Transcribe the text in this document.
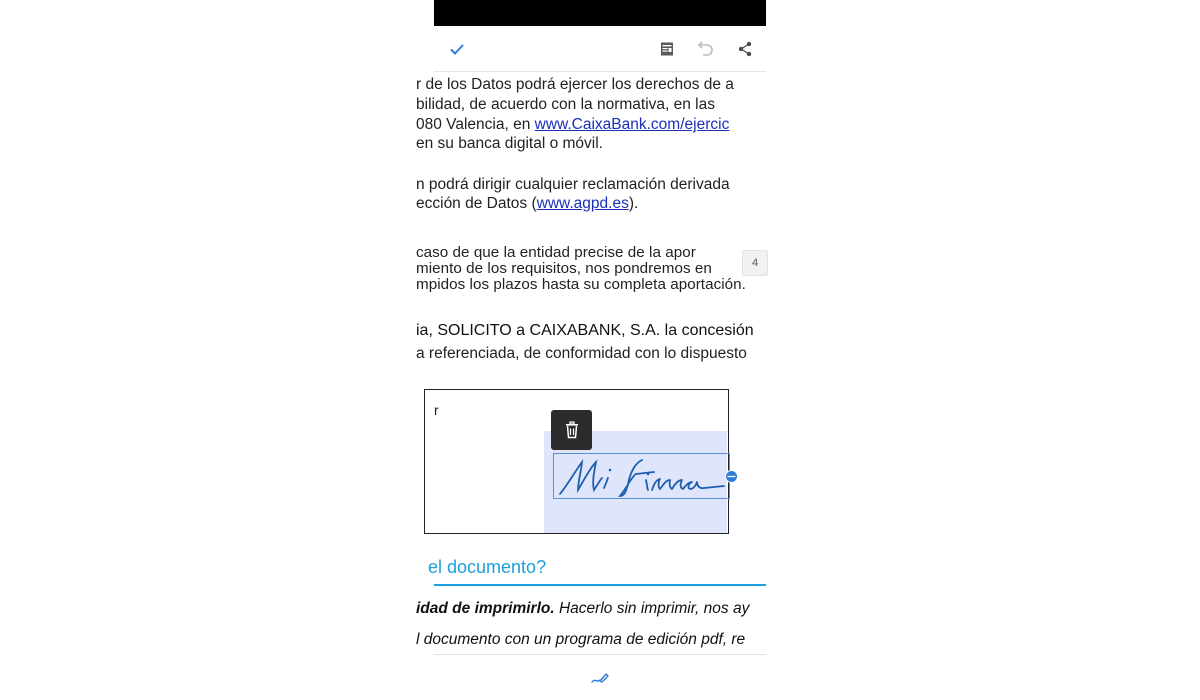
r de los Datos podrá ejercer los derechos de a
bilidad, de acuerdo con la normativa, en las
080 Valencia, en www.CaixaBank.com/ejercic
en su banca digital o móvil.
n podrá dirigir cualquier reclamación derivada
ección de Datos (www.agpd.es).
caso de que la entidad precise de la apor
miento de los requisitos, nos pondremos en
mpidos los plazos hasta su completa aportación.
4
ia, SOLICITO a CAIXABANK, S.A. la concesión
a referenciada, de conformidad con lo dispuesto
r
el documento?
idad de imprimirlo. Hacerlo sin imprimir, nos ay
l documento con un programa de edición pdf, re
